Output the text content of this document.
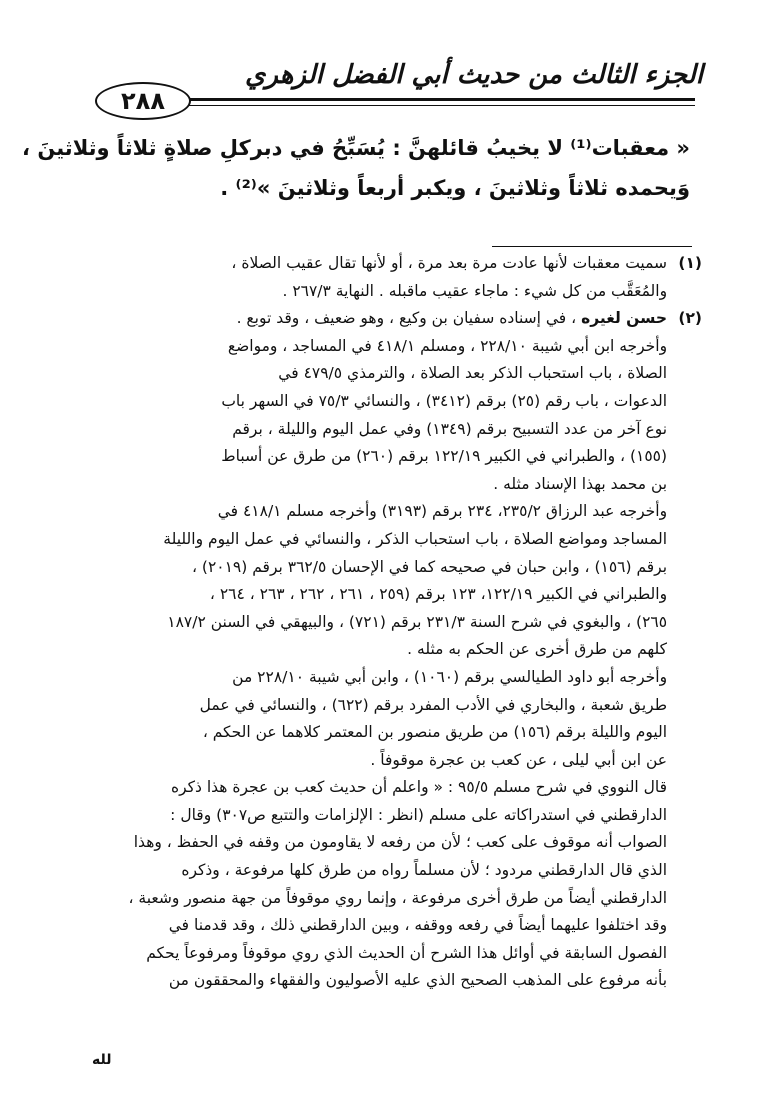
٢٨٨
الجزء الثالث من حديث أبي الفضل الزهري
« معقبات⁽¹⁾ لا يخيبُ قائلهنَّ : يُسَبِّحُ في دبركلِ صلاةٍ ثلاثاً وثلاثينَ ،
وَيحمده ثلاثاً وثلاثينَ ، ويكبر أربعاً وثلاثينَ »⁽²⁾ .
(١) سميت معقبات لأنها عادت مرة بعد مرة ، أو لأنها تقال عقيب الصلاة ،
والمُعَقَّب من كل شيء : ماجاء عقيب ماقبله . النهاية ٢٦٧/٣ .
(٢) حسن لغيره ، في إسناده سفيان بن وكيع ، وهو ضعيف ، وقد توبع .
وأخرجه ابن أبي شيبة ٢٢٨/١٠ ، ومسلم ٤١٨/١ في المساجد ، ومواضع
الصلاة ، باب استحباب الذكر بعد الصلاة ، والترمذي ٤٧٩/٥ في
الدعوات ، باب رقم (٢٥) برقم (٣٤١٢) ، والنسائي ٧٥/٣ في السهر باب
نوع آخر من عدد التسبيح برقم (١٣٤٩) وفي عمل اليوم والليلة ، برقم
(١٥٥) ، والطبراني في الكبير ١٢٢/١٩ برقم (٢٦٠) من طرق عن أسباط
بن محمد بهذا الإسناد مثله .
وأخرجه عبد الرزاق ٢٣٥/٢، ٢٣٤ برقم (٣١٩٣) وأخرجه مسلم ٤١٨/١ في
المساجد ومواضع الصلاة ، باب استحباب الذكر ، والنسائي في عمل اليوم والليلة
برقم (١٥٦) ، وابن حبان في صحيحه كما في الإحسان ٣٦٢/٥ برقم (٢٠١٩) ،
والطبراني في الكبير ١٢٢/١٩، ١٢٣ برقم (٢٥٩ ، ٢٦١ ، ٢٦٢ ، ٢٦٣ ، ٢٦٤ ،
٢٦٥) ، والبغوي في شرح السنة ٢٣١/٣ برقم (٧٢١) ، والبيهقي في السنن ١٨٧/٢
كلهم من طرق أخرى عن الحكم به مثله .
وأخرجه أبو داود الطيالسي برقم (١٠٦٠) ، وابن أبي شيبة ٢٢٨/١٠ من
طريق شعبة ، والبخاري في الأدب المفرد برقم (٦٢٢) ، والنسائي في عمل
اليوم والليلة برقم (١٥٦) من طريق منصور بن المعتمر كلاهما عن الحكم ،
عن ابن أبي ليلى ، عن كعب بن عجرة موقوفاً .
قال النووي في شرح مسلم ٩٥/٥ : « واعلم أن حديث كعب بن عجرة هذا ذكره
الدارقطني في استدراكاته على مسلم (انظر : الإلزامات والتتبع ص٣٠٧) وقال :
الصواب أنه موقوف على كعب ؛ لأن من رفعه لا يقاومون من وقفه في الحفظ ، وهذا
الذي قال الدارقطني مردود ؛ لأن مسلماً رواه من طرق كلها مرفوعة ، وذكره
الدارقطني أيضاً من طرق أخرى مرفوعة ، وإنما روي موقوفاً من جهة منصور وشعبة ،
وقد اختلفوا عليهما أيضاً في رفعه ووقفه ، وبين الدارقطني ذلك ، وقد قدمنا في
الفصول السابقة في أوائل هذا الشرح أن الحديث الذي روي موقوفاً ومرفوعاً يحكم
بأنه مرفوع على المذهب الصحيح الذي عليه الأصوليون والفقهاء والمحققون من
لله
